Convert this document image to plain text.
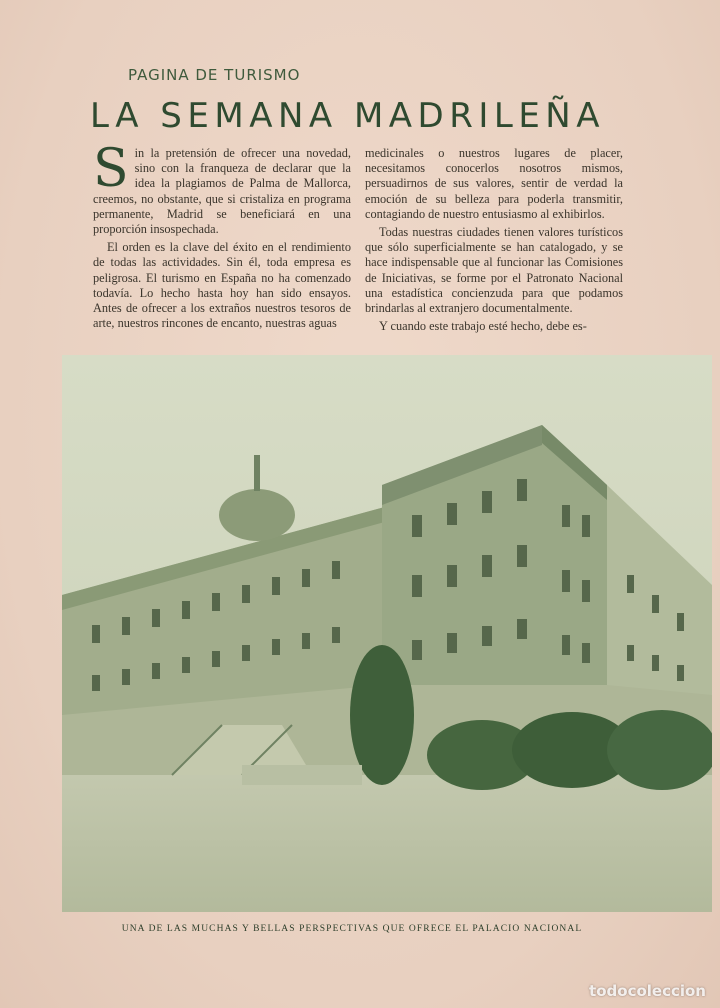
PAGINA DE TURISMO
LA SEMANA MADRILEÑA

Sin la pretensión de ofrecer una novedad, sino con la franqueza de declarar que la idea la plagiamos de Palma de Mallorca, creemos, no obstante, que si cristaliza en programa permanente, Madrid se beneficiará en una proporción insospechada.

El orden es la clave del éxito en el rendimiento de todas las actividades. Sin él, toda empresa es peligrosa. El turismo en España no ha comenzado todavía. Lo hecho hasta hoy han sido ensayos. Antes de ofrecer a los extraños nuestros tesoros de arte, nuestros rincones de encanto, nuestras aguas

medicinales o nuestros lugares de placer, necesitamos conocerlos nosotros mismos, persuadirnos de sus valores, sentir de verdad la emoción de su belleza para poderla transmitir, contagiando de nuestro entusiasmo al exhibirlos.

Todas nuestras ciudades tienen valores turísticos que sólo superficialmente se han catalogado, y se hace indispensable que al funcionar las Comisiones de Iniciativas, se forme por el Patronato Nacional una estadística concienzuda para que podamos brindarlas al extranjero documentalmente.

Y cuando este trabajo esté hecho, debe es-

UNA DE LAS MUCHAS Y BELLAS PERSPECTIVAS QUE OFRECE EL PALACIO NACIONAL
todocoleccion
